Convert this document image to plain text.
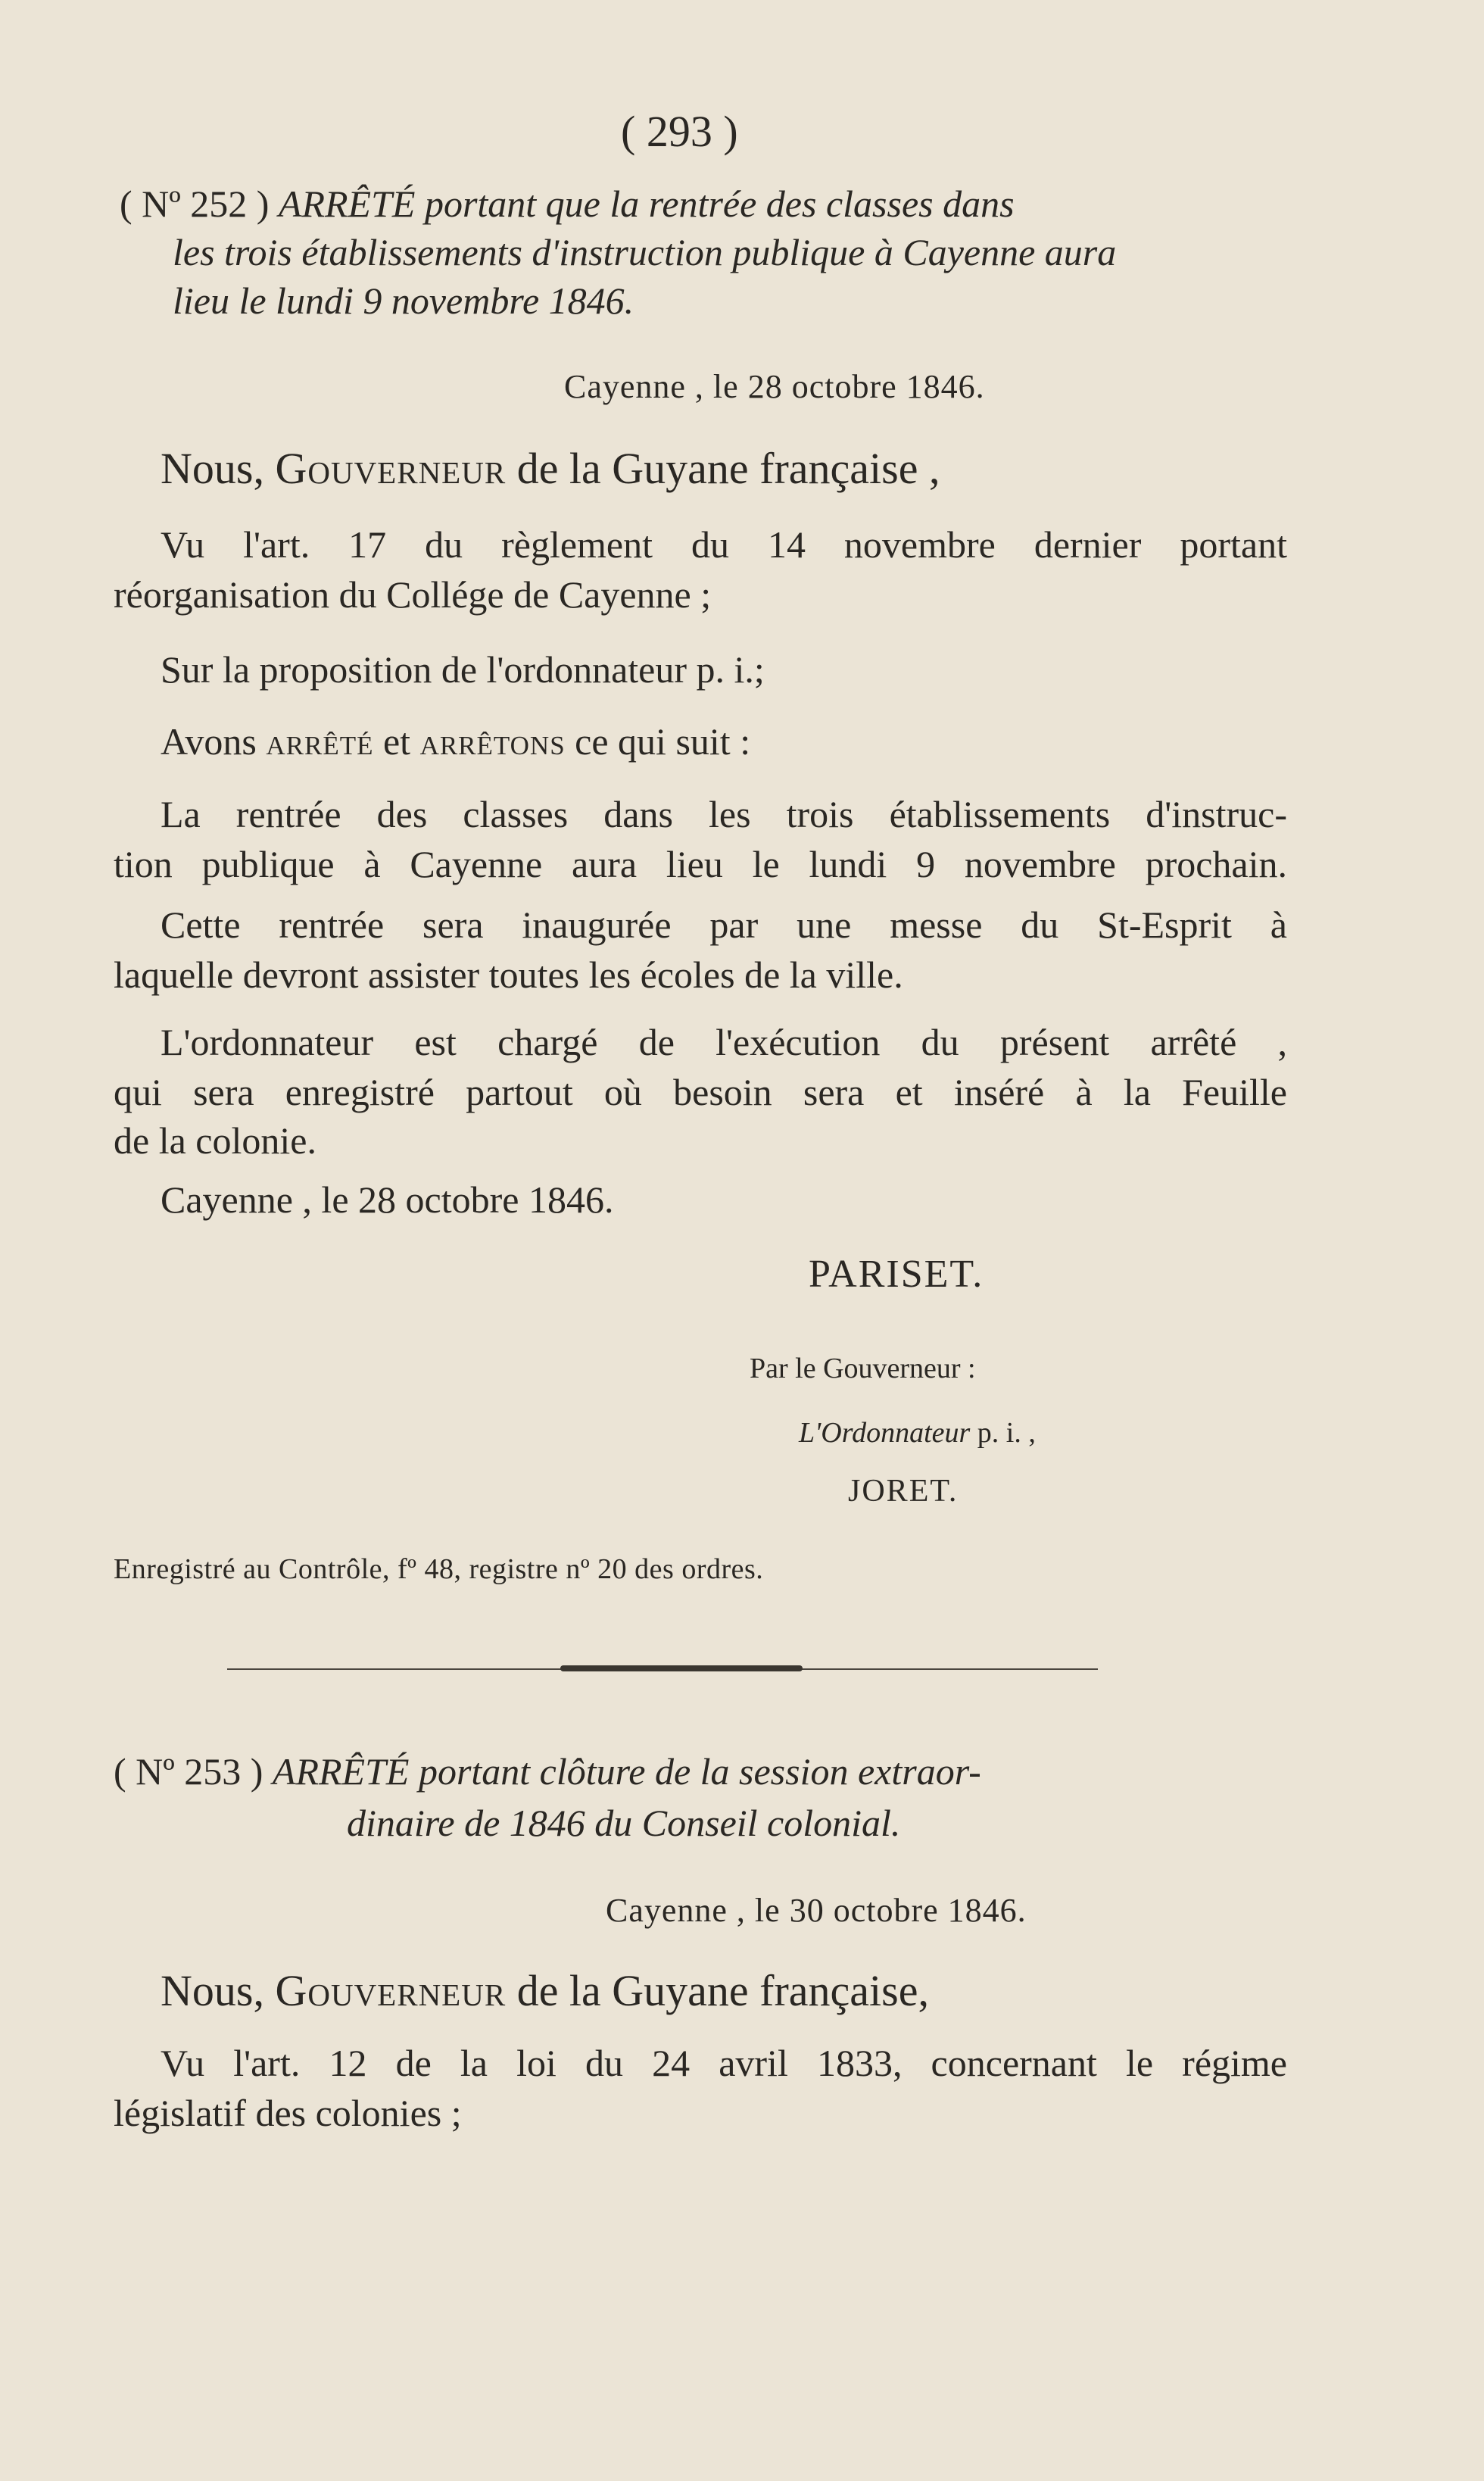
( 293 )
( Nº 252 ) ARRÊTÉ portant que la rentrée des classes dans
les trois établissements d'instruction publique à Cayenne aura
lieu le lundi 9 novembre 1846.
Cayenne , le 28 octobre 1846.
Nous, Gouverneur de la Guyane française ,
Vu l'art. 17 du règlement du 14 novembre dernier portant
réorganisation du Collége de Cayenne ;
Sur la proposition de l'ordonnateur p. i.;
Avons arrêté et arrêtons ce qui suit :
La rentrée des classes dans les trois établissements d'instruc-
tion publique à Cayenne aura lieu le lundi 9 novembre prochain.
Cette rentrée sera inaugurée par une messe du St-Esprit à
laquelle devront assister toutes les écoles de la ville.
L'ordonnateur est chargé de l'exécution du présent arrêté ,
qui sera enregistré partout où besoin sera et inséré à la Feuille
de la colonie.
Cayenne , le 28 octobre 1846.
PARISET.
Par le Gouverneur :
L'Ordonnateur p. i. ,
JORET.
Enregistré au Contrôle, fº 48, registre nº 20 des ordres.
( Nº 253 ) ARRÊTÉ portant clôture de la session extraor-
dinaire de 1846 du Conseil colonial.
Cayenne , le 30 octobre 1846.
Nous, Gouverneur de la Guyane française,
Vu l'art. 12 de la loi du 24 avril 1833, concernant le régime
législatif des colonies ;
